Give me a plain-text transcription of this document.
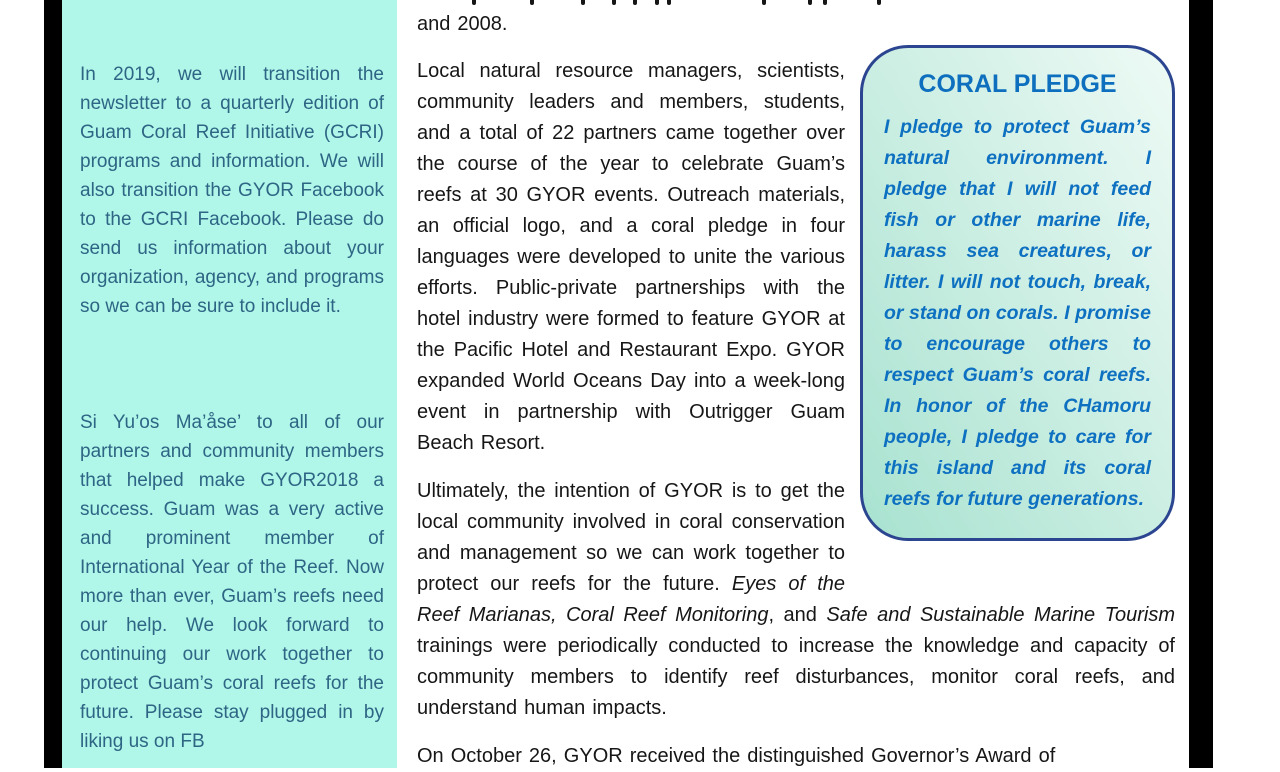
In 2019, we will transition the newsletter to a quarterly edition of Guam Coral Reef Initiative (GCRI) programs and information. We will also transition the GYOR Facebook to the GCRI Facebook. Please do send us information about your organization, agency, and programs so we can be sure to include it.

Si Yu’os Ma’åse’ to all of our partners and community members that helped make GYOR2018 a success. Guam was a very active and prominent member of International Year of the Reef. Now more than ever, Guam’s reefs need our help. We look forward to continuing our work together to protect Guam’s coral reefs for the future. Please stay plugged in by liking us on FB

CORAL PLEDGE
I pledge to protect Guam’s natural environment. I pledge that I will not feed fish or other marine life, harass sea creatures, or litter. I will not touch, break, or stand on corals. I promise to encourage others to respect Guam’s coral reefs. In honor of the CHamoru people, I pledge to care for this island and its coral reefs for future generations.

and 2008.

Local natural resource managers, scientists, community leaders and members, students, and a total of 22 partners came together over the course of the year to celebrate Guam’s reefs at 30 GYOR events. Outreach materials, an official logo, and a coral pledge in four languages were developed to unite the various efforts. Public-private partnerships with the hotel industry were formed to feature GYOR at the Pacific Hotel and Restaurant Expo. GYOR expanded World Oceans Day into a week-long event in partnership with Outrigger Guam Beach Resort.

Ultimately, the intention of GYOR is to get the local community involved in coral conservation and management so we can work together to protect our reefs for the future. Eyes of the Reef Marianas, Coral Reef Monitoring, and Safe and Sustainable Marine Tourism trainings were periodically conducted to increase the knowledge and capacity of community members to identify reef disturbances, monitor coral reefs, and understand human impacts.

On October 26, GYOR received the distinguished Governor’s Award of
